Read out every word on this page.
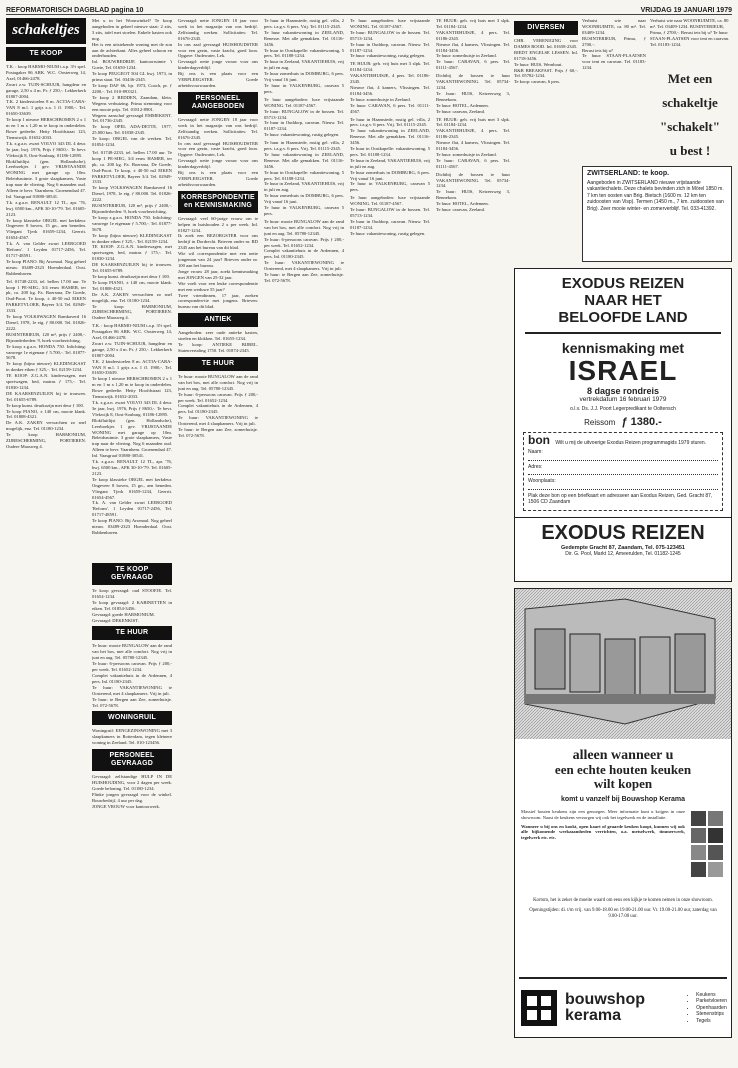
REFORMATORISCH DAGBLAD pagina 10	VRIJDAG 19 JANUARI 1979
schakeltjes
TE KOOP

T.K. : koop HARMO-NIUM t.a.p. 3½ spel. Postagaker 86 ARK. W.C. Oosterweg 14, Axel, 01466-2478.
Zwart z.w. TUIN-SCHUUR, hangdeur en garage, 2,50 x 4 m. Pr. ƒ 250,-. Lekkerkerk 01807-2004.
T.K. 2 kinderstoelen 8 m. ACTIA-CARA-VAN 8 m.l. 1 grijs z.a. 1 fl. 1900,-. Tel. 01650-33639.
Te koop 1 nieuwe HERSCHBOMEN 2 x 1 m en 1 m x 1,20 m te koop in onderdelen. Bowe gedeelte. Hetty Hoofdstraat 123, Tiemstwijk. 01652-2033.
T.k. z.g.a.n. zwart VOLVO 343 DL 4 deur. 3e jaar, bwj. 1976, Prijs ƒ 8650,-. Te bevr. Vlekwijk 8, Oost-Souburg. 01186-12895.
Blokfluitlijst (gen. Hollandsche), Leerboekjes 1 gev. VRIJSTAANDE WONING met garage op 10m. Beleidsruimte. 3 grote slaapkamers, Vaste trap naar de vliering. Nog 6 maanden oud. Alleen te bevr. Vaarnhem. Groenendaal 47. Inl. Vaasgraaf 01880-30541.
T.k. z.g.a.n. RENAULT 12 TL, apr. '76, bwj. 6500 km., APK 30-10-'79. Tel. 01605-2123.
Te koop klassieke ORGEL met kerkdeur. Ongeveer 8 boven, 15 gn., aen beneden. Vliegant Tjerk 01659-1234, Geerrit. 01654-4567.
T.k. A. van Gelder zwart LEERGOED 'Reform'. 1 Leyden 01717-2456, Tel. 01717-48591.
Te koop PIANO. Bij Arsenaal. Nog geheel nieuw. 03489-2323 Hoenderdaal. Oost. Rubbenhaven.

Tel. 01748-2233, tel. bellen 17.00 uur. Te koop 1 PE-SIEG, 3/4 eeuw HAMER, ter pk, ca. 200 kg. Fa. Boersma, De Goede, Oud-Poort. Te koop, ± 40-50 m2 EIKEN PARKETVLOER, Bayeer 3/4. Tel. 02949-1333.
Te koop VOLKSWAGEN Ramkaverd 16 Diesel, 1978, 1e eig. ƒ 80.000. Tel. 01826-2222.
BUSINTERIEUR, 120 m², prijs ƒ 2400,-. Bijzonderheden: 9, boek voorbezichting.
Te koop z.g.a.n. HONDA 750. Inlichting: vanwege 1e eigenaar ƒ 5.700,-. Tel. 01877-5678.
Te koop (bijna nieuwe) KLEDINGKAST in donker eiken ƒ 325,-. Tel. 02159-1234.
TE KOOP: Z.G.A.N. kinderwagen, met sportwagen, bed, matras ƒ 175,-. Tel. 01830-1234.
DE KAARSENZUILEN bij te trouwen. Tel. 01655-6789.
Te koop kunst. deurkozijn met deur ƒ 100.
Te koop PIANO, ± 140 cm, mooie klank. Tel. 01808-4321.
De A.K. ZAKEN verwachten zo snel mogelijk, enz. Tel. 01180-1234.
Te koop HARMONIUM, ZIJBESCHERMING, PORTIEREN. Oudere Maasweg 4.

Met u in het Woonwinkel? Te koop aangeboden in geheel nieuwe staat: 2 zits, 3 zits, tafel met stoelen. Enkele kasten ook nog.
Het is een uitstekende woning met de zon aan de achterkant. Alles geheel schoon en onderhouden.
Inl. BOUWBEDRIJF, kantoorruimte 't Goeie, Tel. 01650-1234.
Te koop PEUGEOT 504 GL bwj. 1973, in prima staat. Tel. 03436-2345.
Te koop DAF 66, bjr. 1973, Coach, pr. ƒ 2200,-. Tel. 010-893321.
Te koop 2 BEDDEN, Zaandam, klein. Wegens verhuizing. Prima stemming voor een mooie prijs. Tel. 01812-8901.
Wegens aanschaf gevraagd EMMEKENT. Tel. 01736-2345.
Te koop OPEL ADA-DETTE, 1977, 25.000 km. Tel. 01838-2345.
Te koop: ORGEL van de werken. Tel. 01854-1234.

Tel. 01748-2233, tel. bellen 17.00 uur. Te koop 1 PE-SIEG, 3/4 eeuw HAMER, ter pk, ca. 200 kg. Fa. Boersma, De Goede, Oud-Poort. Te koop, ± 40-50 m2 EIKEN PARKETVLOER, Bayeer 3/4. Tel. 02949-1333.
Te koop VOLKSWAGEN Ramkaverd 16 Diesel, 1978, 1e eig. ƒ 80.000. Tel. 01826-2222.
BUSINTERIEUR, 120 m², prijs ƒ 2400,-. Bijzonderheden: 9, boek voorbezichting.
Te koop z.g.a.n. HONDA 750. Inlichting: vanwege 1e eigenaar ƒ 5.700,-. Tel. 01877-5678.
Te koop (bijna nieuwe) KLEDINGKAST in donker eiken ƒ 325,-. Tel. 02159-1234.
TE KOOP: Z.G.A.N. kinderwagen, met sportwagen, bed, matras ƒ 175,-. Tel. 01830-1234.
DE KAARSENZUILEN bij te trouwen. Tel. 01655-6789.
Te koop kunst. deurkozijn met deur ƒ 100.
Te koop PIANO, ± 140 cm, mooie klank. Tel. 01808-4321.
De A.K. ZAKEN verwachten zo snel mogelijk, enz. Tel. 01180-1234.
Te koop HARMONIUM, ZIJBESCHERMING, PORTIEREN. Oudere Maasweg 4.

T.K. : koop HARMO-NIUM t.a.p. 3½ spel. Postagaker 86 ARK. W.C. Oosterweg 14, Axel, 01466-2478.
Zwart z.w. TUIN-SCHUUR, hangdeur en garage, 2,50 x 4 m. Pr. ƒ 250,-. Lekkerkerk 01807-2004.
T.K. 2 kinderstoelen 8 m. ACTIA-CARA-VAN 8 m.l. 1 grijs z.a. 1 fl. 1900,-. Tel. 01650-33639.
Te koop 1 nieuwe HERSCHBOMEN 2 x 1 m en 1 m x 1,20 m te koop in onderdelen. Bowe gedeelte. Hetty Hoofdstraat 123, Tiemstwijk. 01652-2033.
T.k. z.g.a.n. zwart VOLVO 343 DL 4 deur. 3e jaar, bwj. 1976, Prijs ƒ 8650,-. Te bevr. Vlekwijk 8, Oost-Souburg. 01186-12895.
Blokfluitlijst (gen. Hollandsche), Leerboekjes 1 gev. VRIJSTAANDE WONING met garage op 10m. Beleidsruimte. 3 grote slaapkamers, Vaste trap naar de vliering. Nog 6 maanden oud. Alleen te bevr. Vaarnhem. Groenendaal 47. Inl. Vaasgraaf 01880-30541.
T.k. z.g.a.n. RENAULT 12 TL, apr. '76, bwj. 6500 km., APK 30-10-'79. Tel. 01605-2123.
Te koop klassieke ORGEL met kerkdeur. Ongeveer 8 boven, 15 gn., aen beneden. Vliegant Tjerk 01659-1234, Geerrit. 01654-4567.
T.k. A. van Gelder zwart LEERGOED 'Reform'. 1 Leyden 01717-2456, Tel. 01717-48591.
Te koop PIANO. Bij Arsenaal. Nog geheel nieuw. 03489-2323 Hoenderdaal. Oost. Rubbenhaven.

Gevraagd: nette JONGEN 18 jaar voor werk in het magazijn van ons bedrijf. Zelfstandig werken. Sollicitaties: Tel. 01676-2345.
In ons zaal gevraagd HUISHOUDSTER voor een gezin, vaste kracht, goed loon. Opgave: Oudewater, Lek.
Gevraagd: nette jonge vrouw voor ons kinderdagverblijf.
Bij ons is een plaats voor een VERPLEEGSTER. Goede arbeidsvoorwaarden.

PERSONEEL AANGEBODEN

Gevraagd: nette JONGEN 18 jaar voor werk in het magazijn van ons bedrijf. Zelfstandig werken. Sollicitaties: Tel. 01676-2345.
In ons zaal gevraagd HUISHOUDSTER voor een gezin, vaste kracht, goed loon. Opgave: Oudewater, Lek.
Gevraagd: nette jonge vrouw voor ons kinderdagverblijf.
Bij ons is een plaats voor een VERPLEEGSTER. Goede arbeidsvoorwaarden.

KORRESPONDENTIE en KENNISMAKING

Gevraagd: veel 60-jarige vrouw om te helpen in huishouden 2 x per week. Inl. 01827-1234.
Ik zoek een BEZORGSTER voor ons bedrijf in Dordrecht. Brieven onder nr. RD 2345 aan het bureau van dit blad.
Wie wil correspondentie met een nette jongeman van 24 jaar? Brieven onder nr. 100 aan het bureau.
Jonge vrouw 28 jaar, zoekt kennismaking met JONGEN van 25-32 jaar.
Wie voelt voor een leuke correspondentie met een weduwe 55 jaar?
Twee vriendinnen, 17 jaar, zoeken corresponden-tie met jongens. Brieven: bureau van dit blad.

ANTIEK

Aangeboden: zeer oude antieke kasten, stoelen en klokken. Tel. 01655-1234.
Te koop: ANTIEKE BIJBEL. Statenvertaling 1750. Tel. 01874-2345.

TE HUUR

Te huur: mooie BUNGALOW aan de rand van het bos, met alle comfort. Nog vrij in juni en aug. Tel. 05780-12345.
Te huur: 6-persoons caravan. Prijs ƒ 200,- per week. Tel. 01652-1234.
Complet vakantiehuis in de Ardennen, 4 pers. Inl. 01180-2345.
Te huur: VAKANTIEWONING te Oosterend, met 4 slaapkamers. Vrij in juli.
Te huur: te Bergen aan Zee, zomerhuisje. Tel. 072-5678.

TE KOOP GEVRAAGD

Te koop gevraagd: oud STOOFJE. Tel. 01654-1234.
Te koop gevraagd: 2 KABINETTEN in eiken. Tel. 01854-3456.
Gevraagd: goede HARMONIUM.
Gevraagd: DEKENKIST.

TE HUUR

Te huur: mooie BUNGALOW aan de rand van het bos, met alle comfort. Nog vrij in juni en aug. Tel. 05780-12345.
Te huur: 6-persoons caravan. Prijs ƒ 200,- per week. Tel. 01652-1234.
Complet vakantiehuis in de Ardennen, 4 pers. Inl. 01180-2345.
Te huur: VAKANTIEWONING te Oosterend, met 4 slaapkamers. Vrij in juli.
Te huur: te Bergen aan Zee, zomerhuisje. Tel. 072-5678.

WONINGRUIL

Woningruil: EENGEZINSWONING met 3 slaapkamers in Rotterdam, tegen kleinere woning in Zeeland. Tel. 010-123456.

PERSONEEL GEVRAAGD

Gevraagd: zelfstandige HULP IN DE HUISHOUDING, voor 2 dagen per week. Goede beloning. Tel. 01180-1234.
Flinke jongen gevraagd voor de winkel. Bouwbedrijf, 4 uur per dag.
JONGE VROUW voor kantoorwerk.

Te huur in Haamstede, rustig gel. villa, 2 pers. t.a.g.v. 6 pers. Vrij. Tel. 01115-2345.
Te huur vakantiewoning in ZEELAND, Renesse. Met alle gemakken. Tel. 01116-3456.
Te huur in Oostkapelle: vakantiewoning, 5 pers. Tel. 01188-1234.
Te huur in Zeeland, VAKANTIEHUIS, vrij in juli en aug.
Te huur zomerhuis in DOMBURG, 6 pers. Vrij vanaf 16 juni.
Te huur in VALKENBURG, caravan 5 pers.

Te huur aangeboden: luxe vrijstaande WONING. Tel. 01187-4567.
Te huur: BUNGALOW in de bossen. Tel. 05713-1234.
Te huur in Ouddorp, caravan. Nieuw. Tel. 01187-1234.
Te huur: vakantiewoning, rustig gelegen.

Te huur in Haamstede, rustig gel. villa, 2 pers. t.a.g.v. 6 pers. Vrij. Tel. 01115-2345.
Te huur vakantiewoning in ZEELAND, Renesse. Met alle gemakken. Tel. 01116-3456.
Te huur in Oostkapelle: vakantiewoning, 5 pers. Tel. 01188-1234.
Te huur in Zeeland, VAKANTIEHUIS, vrij in juli en aug.
Te huur zomerhuis in DOMBURG, 6 pers. Vrij vanaf 16 juni.
Te huur in VALKENBURG, caravan 5 pers.

Te huur: mooie BUNGALOW aan de rand van het bos, met alle comfort. Nog vrij in juni en aug. Tel. 05780-12345.
Te huur: 6-persoons caravan. Prijs ƒ 200,- per week. Tel. 01652-1234.
Complet vakantiehuis in de Ardennen, 4 pers. Inl. 01180-2345.
Te huur: VAKANTIEWONING te Oosterend, met 4 slaapkamers. Vrij in juli.
Te huur: te Bergen aan Zee, zomerhuisje. Tel. 072-5678.

Te huur aangeboden: luxe vrijstaande WONING. Tel. 01187-4567.
Te huur: BUNGALOW in de bossen. Tel. 05713-1234.
Te huur in Ouddorp, caravan. Nieuw. Tel. 01187-1234.
Te huur: vakantiewoning, rustig gelegen.

TE HUUR: geh. vrij huis met 3 slpk. Tel. 01184-1234.
VAKANTIEHUISJE, 4 pers. Tel. 01186-2345.
Nieuwe flat, 4 kamers, Vlissingen. Tel. 01184-3456.
Te huur: zomerhuisje in Zeeland.
Te huur: CARAVAN, 6 pers. Tel. 01111-4567.

Te huur in Haamstede, rustig gel. villa, 2 pers. t.a.g.v. 6 pers. Vrij. Tel. 01115-2345.
Te huur vakantiewoning in ZEELAND, Renesse. Met alle gemakken. Tel. 01116-3456.
Te huur in Oostkapelle: vakantiewoning, 5 pers. Tel. 01188-1234.
Te huur in Zeeland, VAKANTIEHUIS, vrij in juli en aug.
Te huur zomerhuis in DOMBURG, 6 pers. Vrij vanaf 16 juni.
Te huur in VALKENBURG, caravan 5 pers.

Te huur aangeboden: luxe vrijstaande WONING. Tel. 01187-4567.
Te huur: BUNGALOW in de bossen. Tel. 05713-1234.
Te huur in Ouddorp, caravan. Nieuw. Tel. 01187-1234.
Te huur: vakantiewoning, rustig gelegen.

TE HUUR: geh. vrij huis met 3 slpk. Tel. 01184-1234.
VAKANTIEHUISJE, 4 pers. Tel. 01186-2345.
Nieuwe flat, 4 kamers, Vlissingen. Tel. 01184-3456.
Te huur: zomerhuisje in Zeeland.
Te huur: CARAVAN, 6 pers. Tel. 01111-4567.

Dichtbij de bossen te huur VAKANTIEWONING. Tel. 05734-1234.
Te huur: HUIS, Keizersweg 3, Bennekom.
Te huur: HOTEL, Ardennen.
Te huur: caravan, Zeeland.

TE HUUR: geh. vrij huis met 3 slpk. Tel. 01184-1234.
VAKANTIEHUISJE, 4 pers. Tel. 01186-2345.
Nieuwe flat, 4 kamers, Vlissingen. Tel. 01184-3456.
Te huur: zomerhuisje in Zeeland.
Te huur: CARAVAN, 6 pers. Tel. 01111-4567.

Dichtbij de bossen te huur VAKANTIEWONING. Tel. 05734-1234.
Te huur: HUIS, Keizersweg 3, Bennekom.
Te huur: HOTEL, Ardennen.
Te huur: caravan, Zeeland.

DIVERSEN

CHR. VERENIGING voor DAMES ROOD. Inl. 01658-2345.
BIEDT ENGELSE LESSEN. Inl. 01718-3456.
Te huur: HUIS, Wernhout.
B&B BREAKFAST. Prijs ƒ 60,-. Tel. 05782-1234.
Te koop: caravan, 6 pers.

Verhuist wie naar WOONRUIMTE, ca. 80 m². Tel. 03409-1234.
BUSINTERIEUR, Prima, ƒ 2700,-.
Berust iets bij u?
Te huur: STAAN-PLAATSEN voor tent en caravan. Tel. 01183-1234.

Verhuist wie naar WOONRUIMTE, ca. 80 m². Tel. 03409-1234. BUSINTERIEUR, Prima, ƒ 2700,-. Berust iets bij u? Te huur: STAAN-PLAATSEN voor tent en caravan. Tel. 01183-1234.

Met een
schakeltje
"schakelt"
u best !
ZWITSERLAND: te koop.
Aangeboden in ZWITSERLAND nieuwe vrijstaande vakantiechalets. Deze chalets bevinden zich in Mörel 1850 m. 7 km ten oosten van Brig. Bietsch (1600 m. 12 km ten zuidoosten van Visp). Termen (1450 m., 7 km. zuidoosten van Brig). Zeer mooie winter- en zomerverblijf. Tel. 033-41392.
EXODUS REIZEN
NAAR HET
BELOOFDE LAND
kennismaking met
ISRAEL
8 dagse rondreis
vertrekdatum 16 februari 1979
o.l.v. Ds. J.J. Poort Legerpredikant te Ooltensch
Reissom ƒ 1380.-
bon Wilt u mij de uitvoerige Exodus Reizen programmagids 1979 sturen.
Naam:
Adres:
Woonplaats:
Plak deze bon op een briefkaart en adresseer aan Exodus Reizen, Ged. Gracht 87, 1506 CD Zaandam
EXODUS REIZEN
Gedempte Gracht 87, Zaandam, Tel. 075-123451
Dir. G. Pool, Markt 12, Ameerulden, Tel. 01182-1245
alleen wanneer u
een echte houten keuken
wilt kopen
komt u vanzelf bij Bouwshop Kerama

Massief houten keukens zijn een genoegen. Meer informatie kunt u krijgen in onze showroom. Naast de keukens verzorgen wij ook het tegelwerk en de installatie.

Wanneer u bij ons en kookt, open kaart of geaarde keuken koopt, kunnen wij ook alle bijkomende werkzaamheden verrichten, o.a. metselwerk, timmerwerk, tegelwerk etc. etc.

Kortom, het is zeker de moeite waard om eens een kijkje te komen nemen in onze showroom.
Openingstijden: di. t/m vrij. van 9.00-18.00 en 19.00-21.00 uur. Vr. 19.00-21.00 uur, zaterdag van 9.00-17.00 uur.
bouwshop kerama
• Keukens
• Parketvloeren
• Openhaarden
• Stenenstrips
• Tegels
